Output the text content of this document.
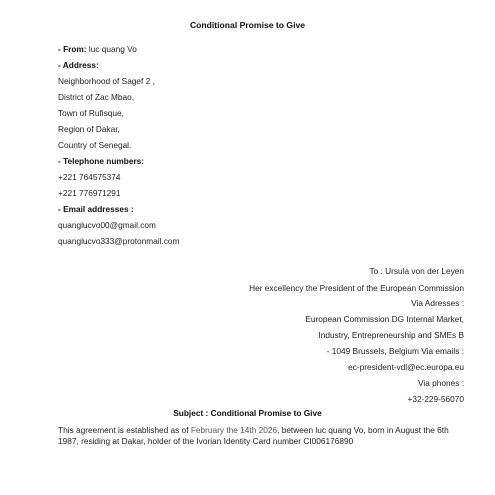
Conditional Promise to Give
- From: luc quang Vo
- Address:
Neighborhood of Sagef 2 ,
District of Zac Mbao,
Town of Rufisque,
Region of Dakar,
Country of Senegal.
- Telephone numbers:
+221 764575374
+221 776971291
- Email addresses :
quanglucvo00@gmail.com
quanglucvo333@protonmail.com
To : Ursula von der Leyen
Her excellency the President of the European Commission
Via Adresses :
European Commission DG Internal Market,
Industry, Entrepreneurship and SMEs B
- 1049 Brussels, Belgium Via emails :
ec-president-vdl@ec.europa.eu
Via phones :
+32-229-56070
Subject : Conditional Promise to Give
This agreement is established as of February the 14th 2026, between luc quang Vo, born in August the 6th 1987, residing at Dakar, holder of the Ivorian Identity Card number CI006176890
